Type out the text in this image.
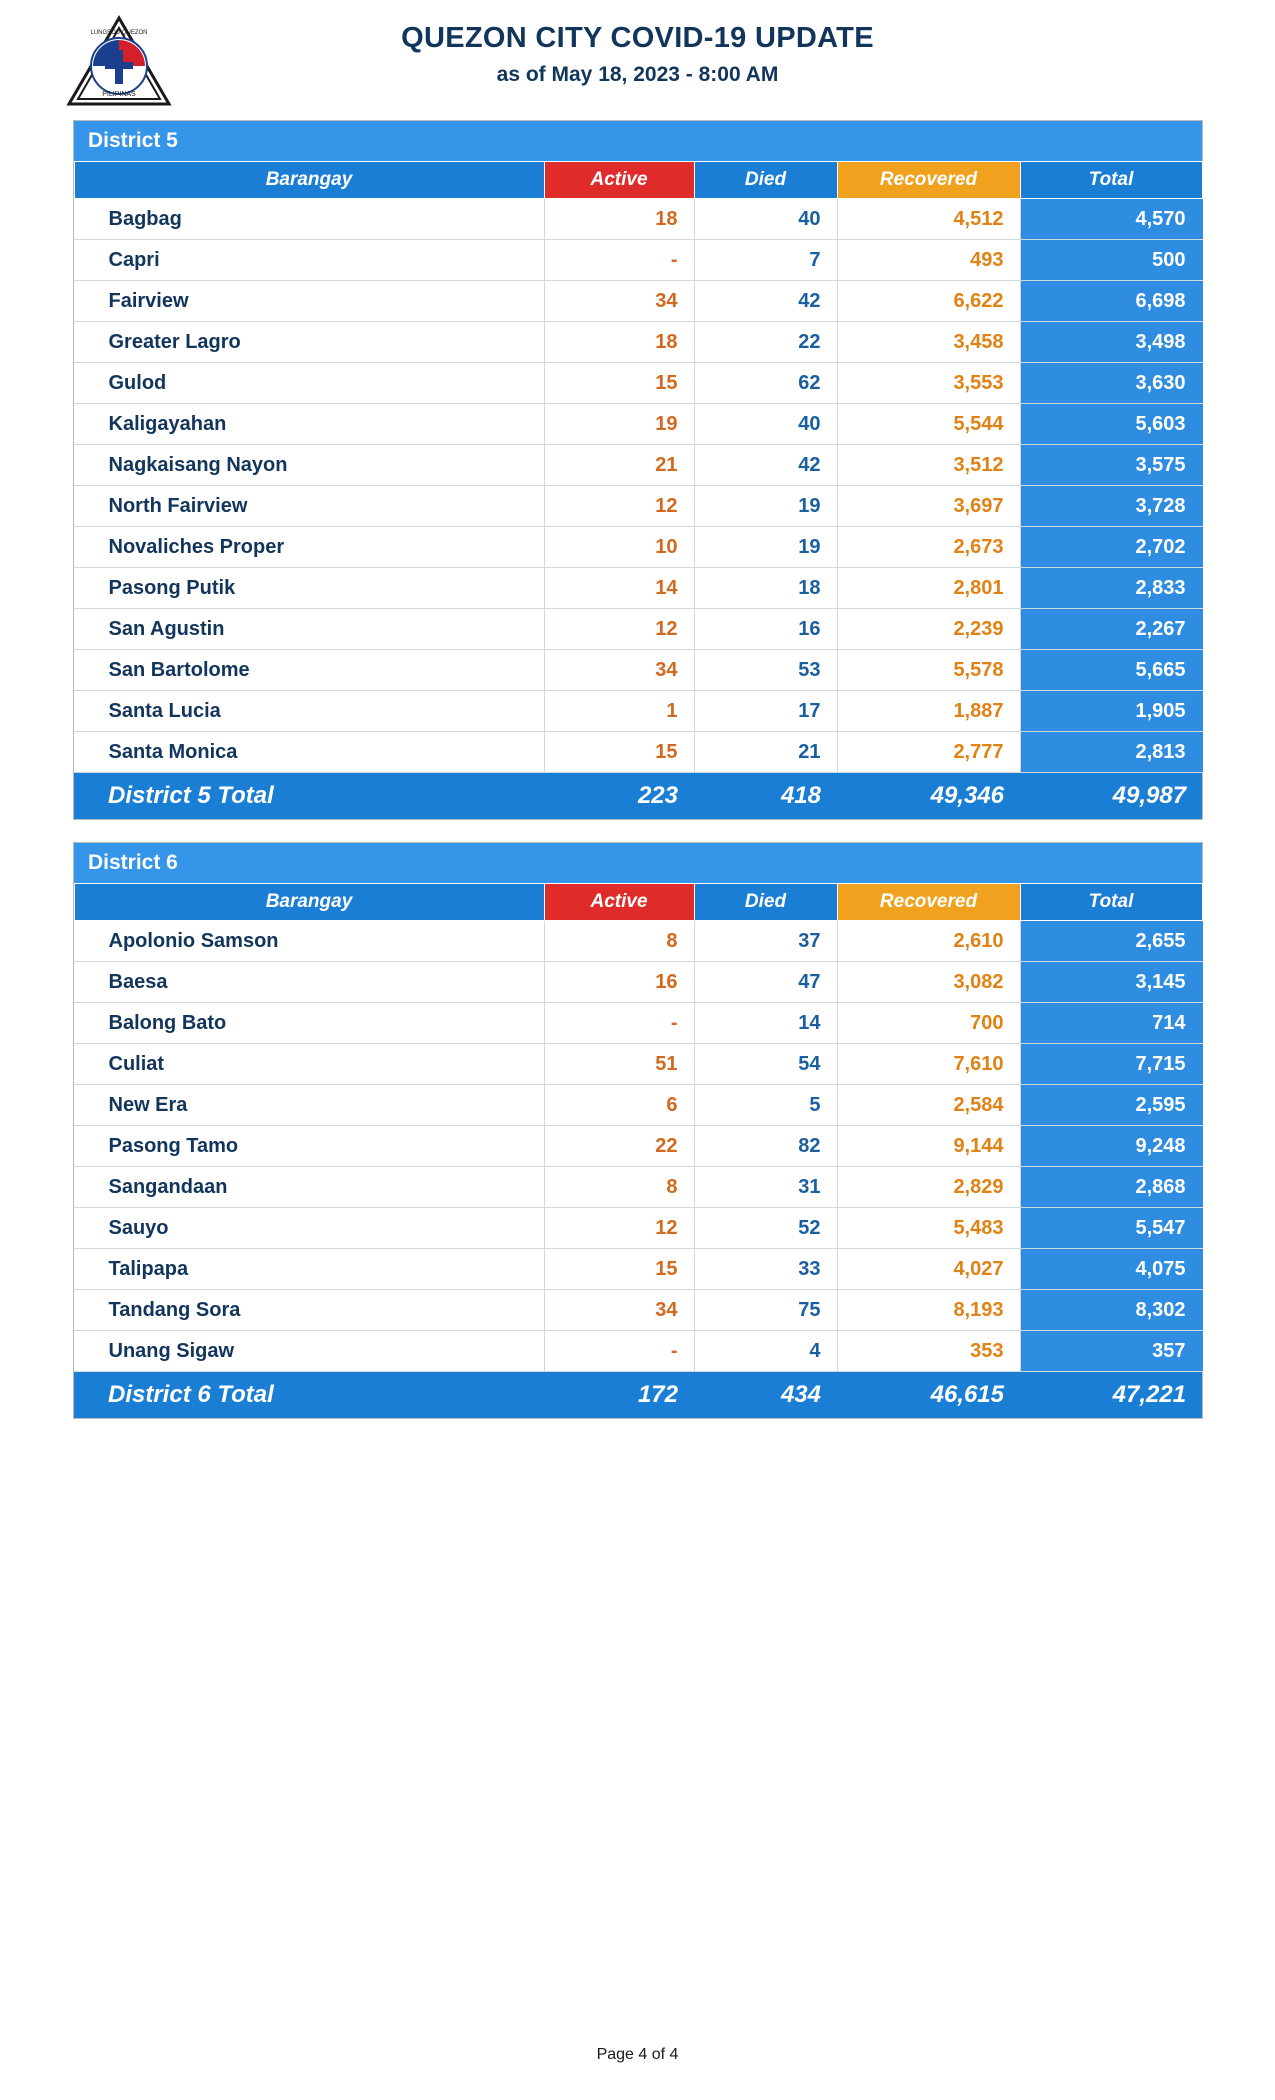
LUNGSOD QUEZON
PILIPINAS
QUEZON CITY COVID-19 UPDATE
as of May 18, 2023 - 8:00 AM
District 5				
Barangay	Active	Died	Recovered	Total
Bagbag	18	40	4,512	4,570
Capri	-	7	493	500
Fairview	34	42	6,622	6,698
Greater Lagro	18	22	3,458	3,498
Gulod	15	62	3,553	3,630
Kaligayahan	19	40	5,544	5,603
Nagkaisang Nayon	21	42	3,512	3,575
North Fairview	12	19	3,697	3,728
Novaliches Proper	10	19	2,673	2,702
Pasong Putik	14	18	2,801	2,833
San Agustin	12	16	2,239	2,267
San Bartolome	34	53	5,578	5,665
Santa Lucia	1	17	1,887	1,905
Santa Monica	15	21	2,777	2,813
District 5 Total	223	418	49,346	49,987
District 6				
Barangay	Active	Died	Recovered	Total
Apolonio Samson	8	37	2,610	2,655
Baesa	16	47	3,082	3,145
Balong Bato	-	14	700	714
Culiat	51	54	7,610	7,715
New Era	6	5	2,584	2,595
Pasong Tamo	22	82	9,144	9,248
Sangandaan	8	31	2,829	2,868
Sauyo	12	52	5,483	5,547
Talipapa	15	33	4,027	4,075
Tandang Sora	34	75	8,193	8,302
Unang Sigaw	-	4	353	357
District 6 Total	172	434	46,615	47,221
Page 4 of 4
